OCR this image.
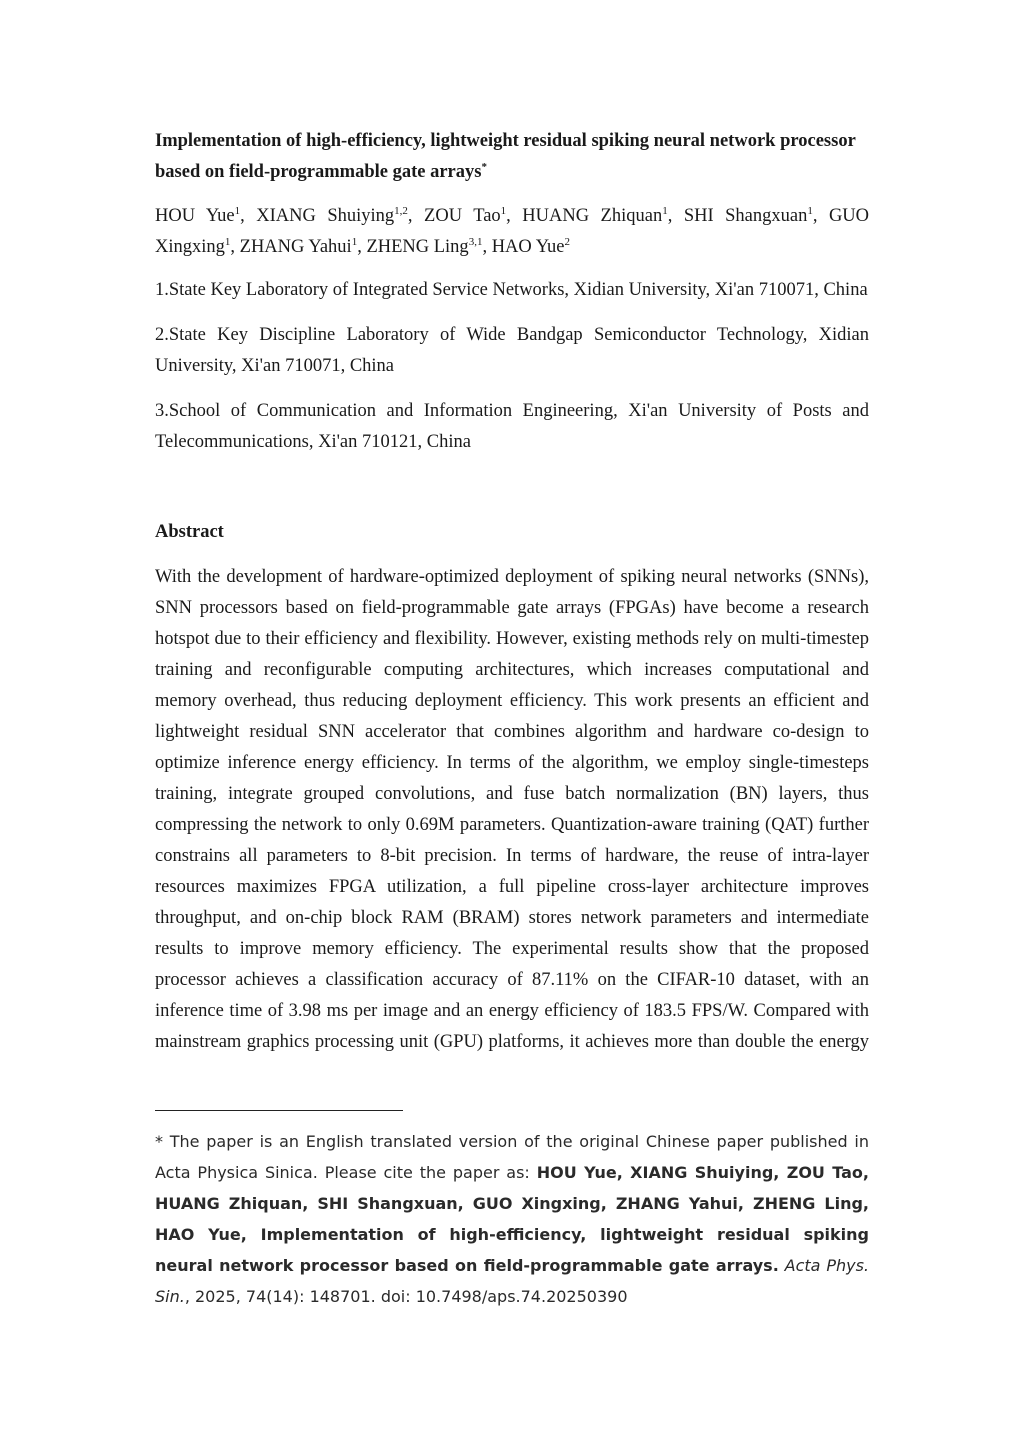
Implementation of high-efficiency, lightweight residual spiking neural network processor based on field-programmable gate arrays*

HOU Yue$^1$, XIANG Shuiying$^{1,2}$, ZOU Tao$^1$, HUANG Zhiquan$^1$, SHI Shangxuan$^1$, GUO Xingxing$^1$, ZHANG Yahui$^1$, ZHENG Ling$^{3,1}$, HAO Yue$^2$

1.State Key Laboratory of Integrated Service Networks, Xidian University, Xi'an 710071, China

2.State Key Discipline Laboratory of Wide Bandgap Semiconductor Technology, Xidian University, Xi'an 710071, China

3.School of Communication and Information Engineering, Xi'an University of Posts and Telecommunications, Xi'an 710121, China

Abstract

With the development of hardware-optimized deployment of spiking neural networks (SNNs), SNN processors based on field-programmable gate arrays (FPGAs) have become a research hotspot due to their efficiency and flexibility. However, existing methods rely on multi-timestep training and reconfigurable computing architectures, which increases computational and memory overhead, thus reducing deployment efficiency. This work presents an efficient and lightweight residual SNN accelerator that combines algorithm and hardware co-design to optimize inference energy efficiency. In terms of the algorithm, we employ single-timesteps training, integrate grouped convolutions, and fuse batch normalization (BN) layers, thus compressing the network to only 0.69M parameters. Quantization-aware training (QAT) further constrains all parameters to 8-bit precision. In terms of hardware, the reuse of intra-layer resources maximizes FPGA utilization, a full pipeline cross-layer architecture improves throughput, and on-chip block RAM (BRAM) stores network parameters and intermediate results to improve memory efficiency. The experimental results show that the proposed processor achieves a classification accuracy of 87.11% on the CIFAR-10 dataset, with an inference time of 3.98 ms per image and an energy efficiency of 183.5 FPS/W. Compared with mainstream graphics processing unit (GPU) platforms, it achieves more than double the energy

* The paper is an English translated version of the original Chinese paper published in Acta Physica Sinica. Please cite the paper as: HOU Yue, XIANG Shuiying, ZOU Tao, HUANG Zhiquan, SHI Shangxuan, GUO Xingxing, ZHANG Yahui, ZHENG Ling, HAO Yue, Implementation of high-efficiency, lightweight residual spiking neural network processor based on field-programmable gate arrays. Acta Phys. Sin., 2025, 74(14): 148701. doi: 10.7498/aps.74.20250390
